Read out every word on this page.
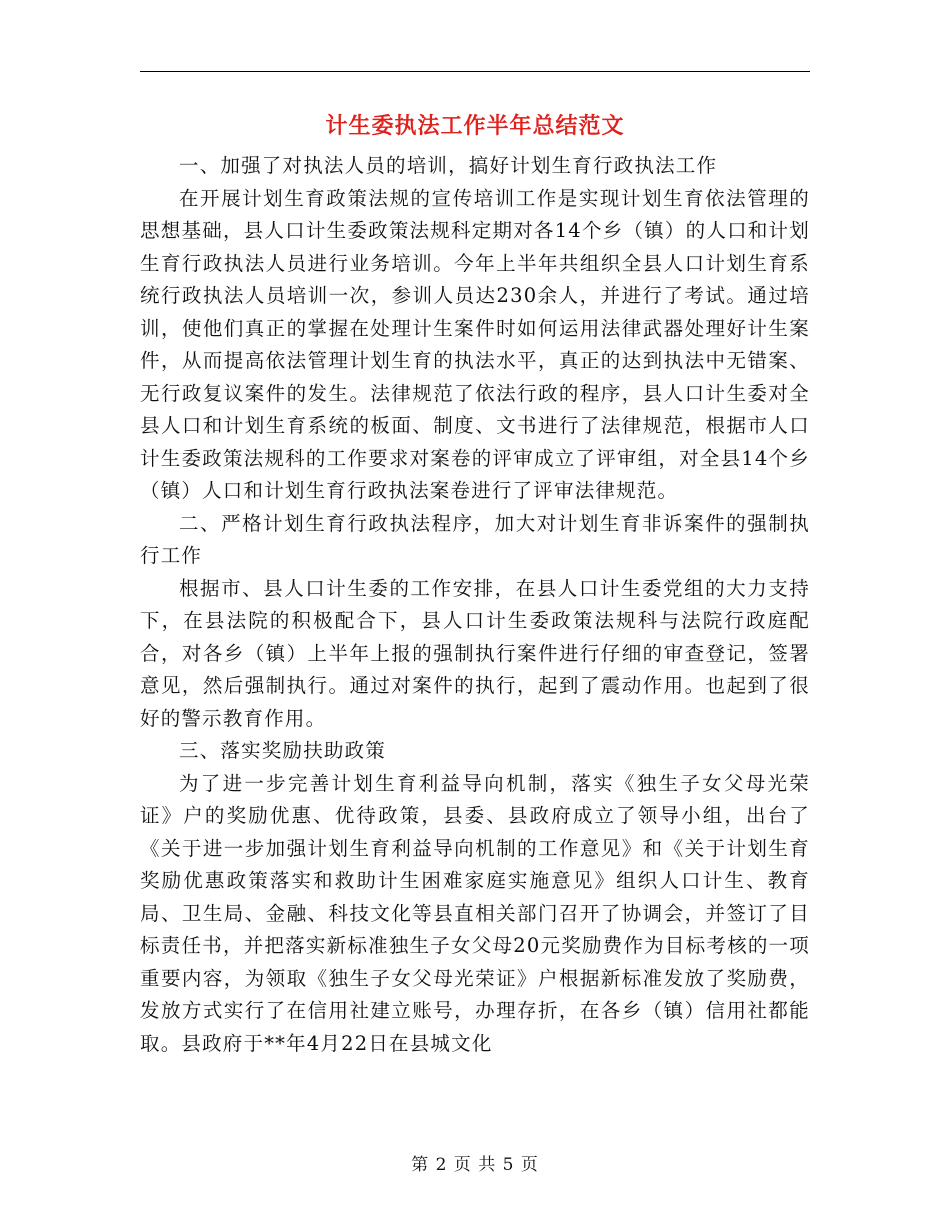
计生委执法工作半年总结范文

一、加强了对执法人员的培训，搞好计划生育行政执法工作

在开展计划生育政策法规的宣传培训工作是实现计划生育依法管理的思想基础，县人口计生委政策法规科定期对各14个乡（镇）的人口和计划生育行政执法人员进行业务培训。今年上半年共组织全县人口计划生育系统行政执法人员培训一次，参训人员达230余人，并进行了考试。通过培训，使他们真正的掌握在处理计生案件时如何运用法律武器处理好计生案件，从而提高依法管理计划生育的执法水平，真正的达到执法中无错案、无行政复议案件的发生。法律规范了依法行政的程序，县人口计生委对全县人口和计划生育系统的板面、制度、文书进行了法律规范，根据市人口计生委政策法规科的工作要求对案卷的评审成立了评审组，对全县14个乡（镇）人口和计划生育行政执法案卷进行了评审法律规范。

二、严格计划生育行政执法程序，加大对计划生育非诉案件的强制执行工作

根据市、县人口计生委的工作安排，在县人口计生委党组的大力支持下，在县法院的积极配合下，县人口计生委政策法规科与法院行政庭配合，对各乡（镇）上半年上报的强制执行案件进行仔细的审查登记，签署意见，然后强制执行。通过对案件的执行，起到了震动作用。也起到了很好的警示教育作用。

三、落实奖励扶助政策

为了进一步完善计划生育利益导向机制，落实《独生子女父母光荣证》户的奖励优惠、优待政策，县委、县政府成立了领导小组，出台了《关于进一步加强计划生育利益导向机制的工作意见》和《关于计划生育奖励优惠政策落实和救助计生困难家庭实施意见》组织人口计生、教育局、卫生局、金融、科技文化等县直相关部门召开了协调会，并签订了目标责任书，并把落实新标准独生子女父母20元奖励费作为目标考核的一项重要内容，为领取《独生子女父母光荣证》户根据新标准发放了奖励费，发放方式实行了在信用社建立账号，办理存折，在各乡（镇）信用社都能取。县政府于**年4月22日在县城文化

第 2 页 共 5 页
